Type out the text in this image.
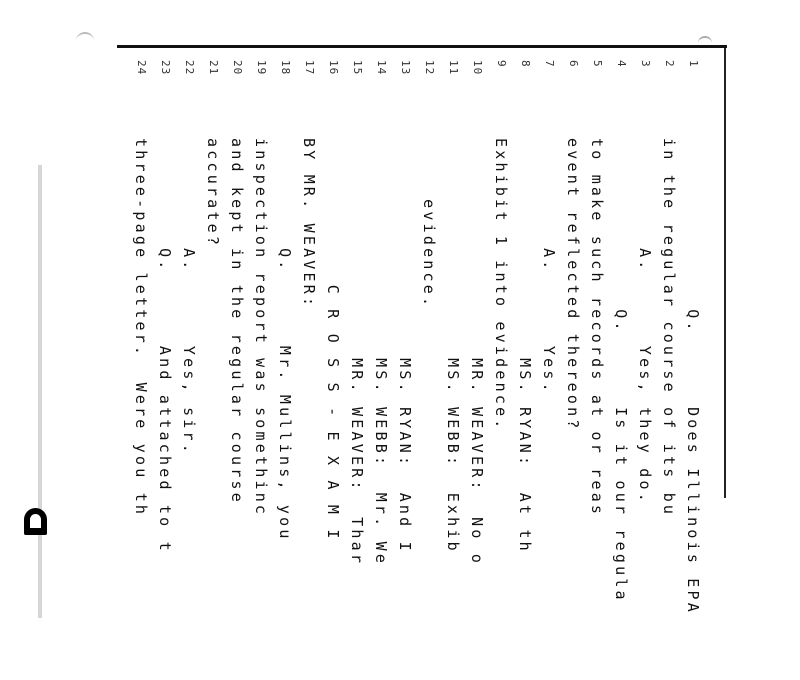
1
Q.      Does Illinois EPA
2
in the regular course of its bu
3
A.      Yes, they do.
4
Q.      Is it our regula
5
to make such records at or reas
6
event reflected thereon?
7
A.      Yes.
8
MS. RYAN:  At th
9
Exhibit 1 into evidence.
10
MR. WEAVER:  No o
11
MS. WEBB:  Exhib
12
evidence.
13
MS. RYAN:  And I
14
MS. WEBB:  Mr. We
15
MR. WEAVER:  Thar
16
C R O S S - E X A M I
17
BY MR. WEAVER:
18
Q.      Mr. Mullins, you
19
inspection report was somethinc
20
and kept in the regular course
21
accurate?
22
A.      Yes, sir.
23
Q.      And attached to t
24
three-page letter.  Were you th
